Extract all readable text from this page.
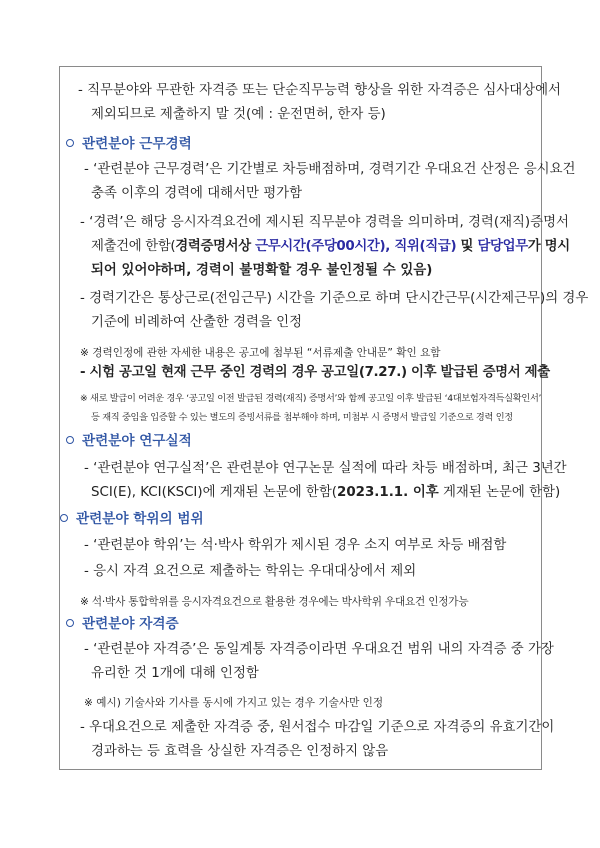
- 직무분야와 무관한 자격증 또는 단순직무능력 향상을 위한 자격증은 심사대상에서
제외되므로 제출하지 말 것(예 : 운전면허, 한자 등)
관련분야 근무경력
- ‘관련분야 근무경력’은 기간별로 차등배점하며, 경력기간 우대요건 산정은 응시요건
충족 이후의 경력에 대해서만 평가함
- ‘경력’은 해당 응시자격요건에 제시된 직무분야 경력을 의미하며, 경력(재직)증명서
제출건에 한함(경력증명서상 근무시간(주당00시간), 직위(직급) 및 담당업무가 명시
되어 있어야하며, 경력이 불명확할 경우 불인정될 수 있음)
- 경력기간은 통상근로(전임근무) 시간을 기준으로 하며 단시간근무(시간제근무)의 경우
기준에 비례하여 산출한 경력을 인정
※ 경력인정에 관한 자세한 내용은 공고에 첨부된 “서류제출 안내문” 확인 요함
- 시험 공고일 현재 근무 중인 경력의 경우 공고일(7.27.) 이후 발급된 증명서 제출
※ 새로 발급이 어려운 경우 ‘공고일 이전 발급된 경력(재직) 증명서’와 함께 공고일 이후 발급된 ‘4대보험자격득실확인서’
등 재직 중임을 입증할 수 있는 별도의 증빙서류를 첨부해야 하며, 미첨부 시 증명서 발급일 기준으로 경력 인정
관련분야 연구실적
- ‘관련분야 연구실적’은 관련분야 연구논문 실적에 따라 차등 배점하며, 최근 3년간
SCI(E), KCI(KSCI)에 게재된 논문에 한함(2023.1.1. 이후 게재된 논문에 한함)
관련분야 학위의 범위
- ‘관련분야 학위’는 석·박사 학위가 제시된 경우 소지 여부로 차등 배점함
- 응시 자격 요건으로 제출하는 학위는 우대대상에서 제외
※ 석·박사 통합학위를 응시자격요건으로 활용한 경우에는 박사학위 우대요건 인정가능
관련분야 자격증
- ‘관련분야 자격증’은 동일계통 자격증이라면 우대요건 범위 내의 자격증 중 가장
유리한 것 1개에 대해 인정함
※ 예시) 기술사와 기사를 동시에 가지고 있는 경우 기술사만 인정
- 우대요건으로 제출한 자격증 중, 원서접수 마감일 기준으로 자격증의 유효기간이
경과하는 등 효력을 상실한 자격증은 인정하지 않음
